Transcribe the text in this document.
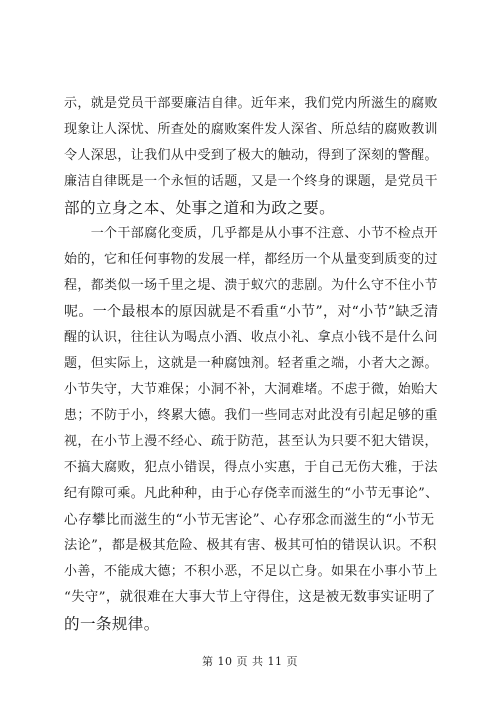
示，就是党员干部要廉洁自律。近年来，我们党内所滋生的腐败
现象让人深忧、所查处的腐败案件发人深省、所总结的腐败教训
令人深思，让我们从中受到了极大的触动，得到了深刻的警醒。
廉洁自律既是一个永恒的话题，又是一个终身的课题，是党员干
部的立身之本、处事之道和为政之要。
　　一个干部腐化变质，几乎都是从小事不注意、小节不检点开
始的，它和任何事物的发展一样，都经历一个从量变到质变的过
程，都类似一场千里之堤、溃于蚁穴的悲剧。为什么守不住小节
呢。一个最根本的原因就是不看重“小节”，对“小节”缺乏清
醒的认识，往往认为喝点小酒、收点小礼、拿点小钱不是什么问
题，但实际上，这就是一种腐蚀剂。轻者重之端，小者大之源。
小节失守，大节难保；小洞不补，大洞难堵。不虑于微，始贻大
患；不防于小，终累大德。我们一些同志对此没有引起足够的重
视，在小节上漫不经心、疏于防范，甚至认为只要不犯大错误，
不搞大腐败，犯点小错误，得点小实惠，于自己无伤大雅，于法
纪有隙可乘。凡此种种，由于心存侥幸而滋生的“小节无事论”、
心存攀比而滋生的“小节无害论”、心存邪念而滋生的“小节无
法论”，都是极其危险、极其有害、极其可怕的错误认识。不积
小善，不能成大德；不积小恶，不足以亡身。如果在小事小节上
“失守”，就很难在大事大节上守得住，这是被无数事实证明了
的一条规律。
第 10 页 共 11 页
